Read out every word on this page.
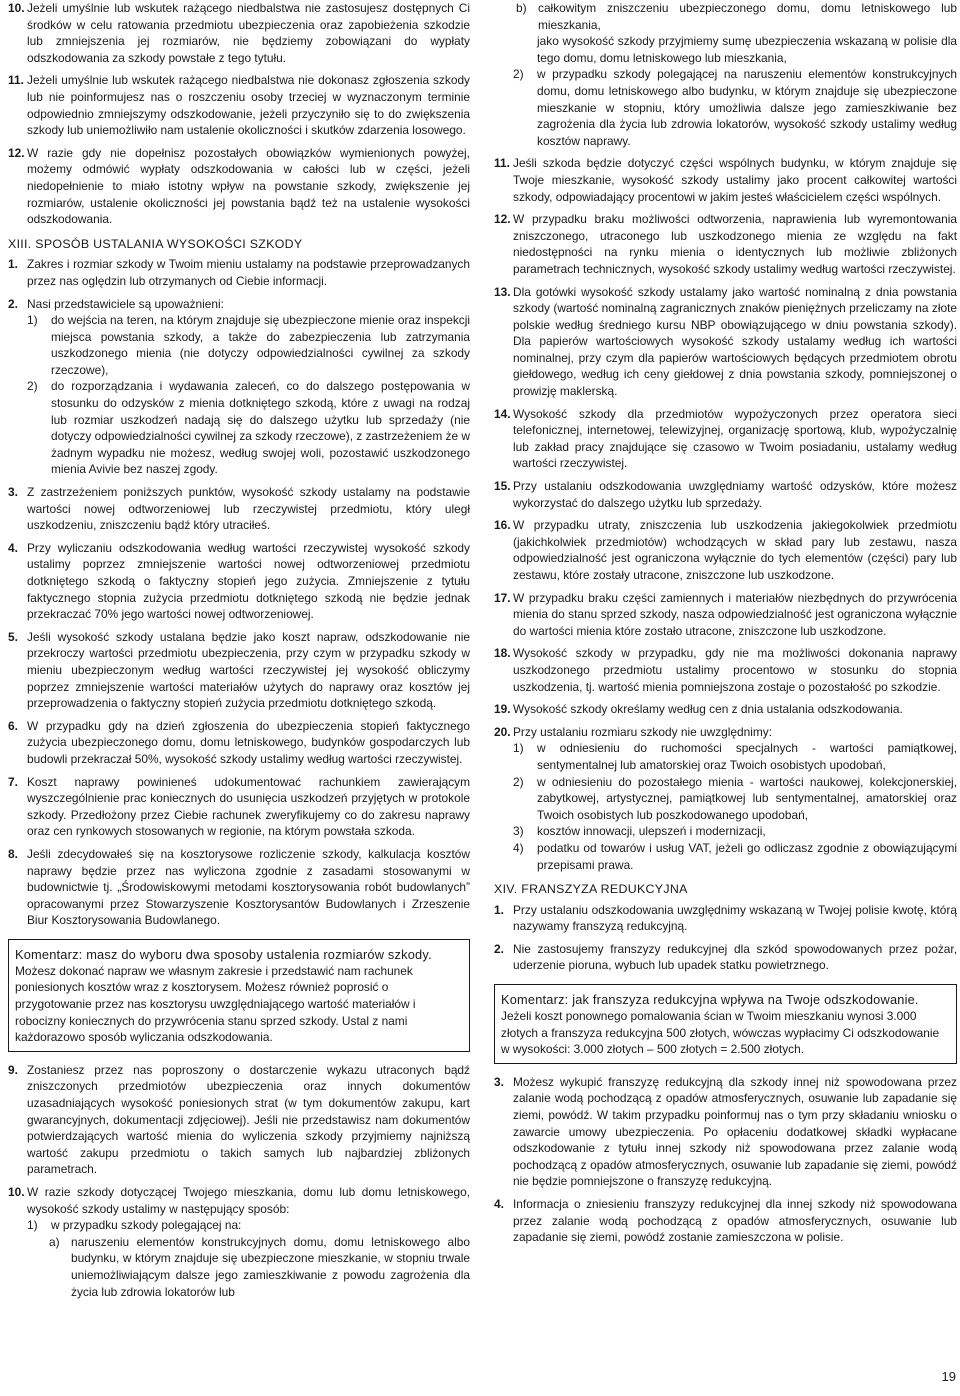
10. Jeżeli umyślnie lub wskutek rażącego niedbalstwa nie zastosujesz dostępnych Ci środków w celu ratowania przedmiotu ubezpieczenia oraz zapobieżenia szkodzie lub zmniejszenia jej rozmiarów, nie będziemy zobowiązani do wypłaty odszkodowania za szkody powstałe z tego tytułu.

11. Jeżeli umyślnie lub wskutek rażącego niedbalstwa nie dokonasz zgłoszenia szkody lub nie poinformujesz nas o roszczeniu osoby trzeciej w wyznaczonym terminie odpowiednio zmniejszymy odszkodowanie, jeżeli przyczyniło się to do zwiększenia szkody lub uniemożliwiło nam ustalenie okoliczności i skutków zdarzenia losowego.

12. W razie gdy nie dopełnisz pozostałych obowiązków wymienionych powyżej, możemy odmówić wypłaty odszkodowania w całości lub w części, jeżeli niedopełnienie to miało istotny wpływ na powstanie szkody, zwiększenie jej rozmiarów, ustalenie okoliczności jej powstania bądź też na ustalenie wysokości odszkodowania.

XIII. SPOSÓB USTALANIA WYSOKOŚCI SZKODY
1. Zakres i rozmiar szkody w Twoim mieniu ustalamy na podstawie przeprowadzanych przez nas oględzin lub otrzymanych od Ciebie informacji.

2. Nasi przedstawiciele są upoważnieni:

1) do wejścia na teren, na którym znajduje się ubezpieczone mienie oraz inspekcji miejsca powstania szkody, a także do zabezpieczenia lub zatrzymania uszkodzonego mienia (nie dotyczy odpowiedzialności cywilnej za szkody rzeczowe),

2) do rozporządzania i wydawania zaleceń, co do dalszego postępowania w stosunku do odzysków z mienia dotkniętego szkodą, które z uwagi na rodzaj lub rozmiar uszkodzeń nadają się do dalszego użytku lub sprzedaży (nie dotyczy odpowiedzialności cywilnej za szkody rzeczowe), z zastrzeżeniem że w żadnym wypadku nie możesz, według swojej woli, pozostawić uszkodzonego mienia Avivie bez naszej zgody.

3. Z zastrzeżeniem poniższych punktów, wysokość szkody ustalamy na podstawie wartości nowej odtworzeniowej lub rzeczywistej przedmiotu, który uległ uszkodzeniu, zniszczeniu bądź który utraciłeś.

4. Przy wyliczaniu odszkodowania według wartości rzeczywistej wysokość szkody ustalimy poprzez zmniejszenie wartości nowej odtworzeniowej przedmiotu dotkniętego szkodą o faktyczny stopień jego zużycia. Zmniejszenie z tytułu faktycznego stopnia zużycia przedmiotu dotkniętego szkodą nie będzie jednak przekraczać 70% jego wartości nowej odtworzeniowej.

5. Jeśli wysokość szkody ustalana będzie jako koszt napraw, odszkodowanie nie przekroczy wartości przedmiotu ubezpieczenia, przy czym w przypadku szkody w mieniu ubezpieczonym według wartości rzeczywistej jej wysokość obliczymy poprzez zmniejszenie wartości materiałów użytych do naprawy oraz kosztów jej przeprowadzenia o faktyczny stopień zużycia przedmiotu dotkniętego szkodą.

6. W przypadku gdy na dzień zgłoszenia do ubezpieczenia stopień faktycznego zużycia ubezpieczonego domu, domu letniskowego, budynków gospodarczych lub budowli przekraczał 50%, wysokość szkody ustalimy według wartości rzeczywistej.

7. Koszt naprawy powinieneś udokumentować rachunkiem zawierającym wyszczególnienie prac koniecznych do usunięcia uszkodzeń przyjętych w protokole szkody. Przedłożony przez Ciebie rachunek zweryfikujemy co do zakresu naprawy oraz cen rynkowych stosowanych w regionie, na którym powstała szkoda.

8. Jeśli zdecydowałeś się na kosztorysowe rozliczenie szkody, kalkulacja kosztów naprawy będzie przez nas wyliczona zgodnie z zasadami stosowanymi w budownictwie tj. „Środowiskowymi metodami kosztorysowania robót budowlanych” opracowanymi przez Stowarzyszenie Kosztorysantów Budowlanych i Zrzeszenie Biur Kosztorysowania Budowlanego.

Komentarz: masz do wyboru dwa sposoby ustalenia rozmiarów szkody.

Możesz dokonać napraw we własnym zakresie i przedstawić nam rachunek poniesionych kosztów wraz z kosztorysem. Możesz również poprosić o przygotowanie przez nas kosztorysu uwzględniającego wartość materiałów i robocizny koniecznych do przywrócenia stanu sprzed szkody. Ustal z nami każdorazowo sposób wyliczania odszkodowania.

9. Zostaniesz przez nas poproszony o dostarczenie wykazu utraconych bądź zniszczonych przedmiotów ubezpieczenia oraz innych dokumentów uzasadniających wysokość poniesionych strat (w tym dokumentów zakupu, kart gwarancyjnych, dokumentacji zdjęciowej). Jeśli nie przedstawisz nam dokumentów potwierdzających wartość mienia do wyliczenia szkody przyjmiemy najniższą wartość zakupu przedmiotu o takich samych lub najbardziej zbliżonych parametrach.

10. W razie szkody dotyczącej Twojego mieszkania, domu lub domu letniskowego, wysokość szkody ustalimy w następujący sposób:

1) w przypadku szkody polegającej na:

a) naruszeniu elementów konstrukcyjnych domu, domu letniskowego albo budynku, w którym znajduje się ubezpieczone mieszkanie, w stopniu trwale uniemożliwiającym dalsze jego zamieszkiwanie z powodu zagrożenia dla życia lub zdrowia lokatorów lub

b) całkowitym zniszczeniu ubezpieczonego domu, domu letniskowego lub mieszkania,

jako wysokość szkody przyjmiemy sumę ubezpieczenia wskazaną w polisie dla tego domu, domu letniskowego lub mieszkania,

2) w przypadku szkody polegającej na naruszeniu elementów konstrukcyjnych domu, domu letniskowego albo budynku, w którym znajduje się ubezpieczone mieszkanie w stopniu, który umożliwia dalsze jego zamieszkiwanie bez zagrożenia dla życia lub zdrowia lokatorów, wysokość szkody ustalimy według kosztów naprawy.

11. Jeśli szkoda będzie dotyczyć części wspólnych budynku, w którym znajduje się Twoje mieszkanie, wysokość szkody ustalimy jako procent całkowitej wartości szkody, odpowiadający procentowi w jakim jesteś właścicielem części wspólnych.

12. W przypadku braku możliwości odtworzenia, naprawienia lub wyremontowania zniszczonego, utraconego lub uszkodzonego mienia ze względu na fakt niedostępności na rynku mienia o identycznych lub możliwie zbliżonych parametrach technicznych, wysokość szkody ustalimy według wartości rzeczywistej.

13. Dla gotówki wysokość szkody ustalamy jako wartość nominalną z dnia powstania szkody (wartość nominalną zagranicznych znaków pieniężnych przeliczamy na złote polskie według średniego kursu NBP obowiązującego w dniu powstania szkody). Dla papierów wartościowych wysokość szkody ustalamy według ich wartości nominalnej, przy czym dla papierów wartościowych będących przedmiotem obrotu giełdowego, według ich ceny giełdowej z dnia powstania szkody, pomniejszonej o prowizję maklerską.

14. Wysokość szkody dla przedmiotów wypożyczonych przez operatora sieci telefonicznej, internetowej, telewizyjnej, organizację sportową, klub, wypożyczalnię lub zakład pracy znajdujące się czasowo w Twoim posiadaniu, ustalamy według wartości rzeczywistej.

15. Przy ustalaniu odszkodowania uwzględniamy wartość odzysków, które możesz wykorzystać do dalszego użytku lub sprzedaży.

16. W przypadku utraty, zniszczenia lub uszkodzenia jakiegokolwiek przedmiotu (jakichkolwiek przedmiotów) wchodzących w skład pary lub zestawu, nasza odpowiedzialność jest ograniczona wyłącznie do tych elementów (części) pary lub zestawu, które zostały utracone, zniszczone lub uszkodzone.

17. W przypadku braku części zamiennych i materiałów niezbędnych do przywrócenia mienia do stanu sprzed szkody, nasza odpowiedzialność jest ograniczona wyłącznie do wartości mienia które zostało utracone, zniszczone lub uszkodzone.

18. Wysokość szkody w przypadku, gdy nie ma możliwości dokonania naprawy uszkodzonego przedmiotu ustalimy procentowo w stosunku do stopnia uszkodzenia, tj. wartość mienia pomniejszona zostaje o pozostałość po szkodzie.

19. Wysokość szkody określamy według cen z dnia ustalania odszkodowania.

20. Przy ustalaniu rozmiaru szkody nie uwzględnimy:

1) w odniesieniu do ruchomości specjalnych - wartości pamiątkowej, sentymentalnej lub amatorskiej oraz Twoich osobistych upodobań,

2) w odniesieniu do pozostałego mienia - wartości naukowej, kolekcjonerskiej, zabytkowej, artystycznej, pamiątkowej lub sentymentalnej, amatorskiej oraz Twoich osobistych lub poszkodowanego upodobań,

3) kosztów innowacji, ulepszeń i modernizacji,

4) podatku od towarów i usług VAT, jeżeli go odliczasz zgodnie z obowiązującymi przepisami prawa.

XIV. FRANSZYZA REDUKCYJNA
1. Przy ustalaniu odszkodowania uwzględnimy wskazaną w Twojej polisie kwotę, którą nazywamy franszyzą redukcyjną.

2. Nie zastosujemy franszyzy redukcyjnej dla szkód spowodowanych przez pożar, uderzenie pioruna, wybuch lub upadek statku powietrznego.

Komentarz: jak franszyza redukcyjna wpływa na Twoje odszkodowanie.

Jeżeli koszt ponownego pomalowania ścian w Twoim mieszkaniu wynosi 3.000 złotych a franszyza redukcyjna 500 złotych, wówczas wypłacimy Ci odszkodowanie w wysokości: 3.000 złotych – 500 złotych = 2.500 złotych.

3. Możesz wykupić franszyzę redukcyjną dla szkody innej niż spowodowana przez zalanie wodą pochodzącą z opadów atmosferycznych, osuwanie lub zapadanie się ziemi, powódź. W takim przypadku poinformuj nas o tym przy składaniu wniosku o zawarcie umowy ubezpieczenia. Po opłaceniu dodatkowej składki wypłacane odszkodowanie z tytułu innej szkody niż spowodowana przez zalanie wodą pochodzącą z opadów atmosferycznych, osuwanie lub zapadanie się ziemi, powódź nie będzie pomniejszone o franszyzę redukcyjną.

4. Informacja o zniesieniu franszyzy redukcyjnej dla innej szkody niż spowodowana przez zalanie wodą pochodzącą z opadów atmosferycznych, osuwanie lub zapadanie się ziemi, powódź zostanie zamieszczona w polisie.

19
